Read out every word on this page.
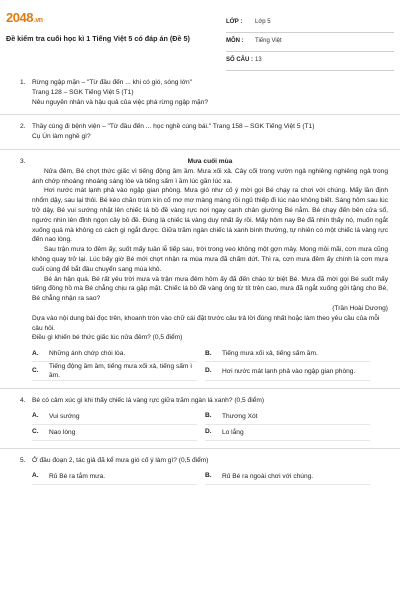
2048.vn
Đề kiểm tra cuối học kì 1 Tiếng Việt 5 có đáp án (Đề 5)
LỚP : Lớp 5
MÔN : Tiếng Việt
SỐ CÂU : 13
1. Rừng ngập mặn – "Từ đầu đến ... khi có gió, sóng lớn"

Trang 128 – SGK Tiếng Việt 5 (T1)

Nêu nguyên nhân và hậu quả của việc phá rừng ngập mặn?

2. Thầy cúng đi bệnh viện – "Từ đầu đến ... học nghề cúng bái." Trang 158 – SGK Tiếng Việt 5 (T1)

Cụ Ún làm nghề gì?

3.	Mưa cuối mùa

Nửa đêm, Bé chợt thức giấc vì tiếng động ầm ầm. Mưa xối xả. Cây cối trong vườn ngả nghiêng nghiêng ngả trong ánh chớp nhoáng nhoáng sáng lòe và tiếng sấm ì ầm lúc gần lúc xa.

Hơi nước mát lạnh phả vào ngập gian phòng. Mưa gió như cố ý mời gọi Bé chạy ra chơi với chúng. Mấy lần định nhổm dậy, sau lại thôi. Bé kéo chăn trùm kín cố mơ mơ màng màng rồi ngủ thiếp đi lúc nào không biết. Sáng hôm sau lúc trở dậy, Bé vui sướng nhặt lên chiếc lá bồ đề vàng rực nơi ngay cạnh chân giường Bé nằm. Bé chạy đến bên cửa sổ, ngước nhìn lên đỉnh ngọn cây bồ đề. Đúng là chiếc lá vàng duy nhất ấy rồi. Mấy hôm nay Bé đã nhìn thấy nó, muốn ngắt xuống quá mà không có cách gì ngắt được. Giữa trăm ngàn chiếc lá xanh bình thường, tự nhiên có một chiếc lá vàng rực đến nao lòng.

Sau trận mưa to đêm ấy, suốt mấy tuần lễ tiếp sau, trời trong veo không một gợn mây. Mong mỏi mãi, cơn mưa cũng không quay trở lại. Lúc bấy giờ Bé mới chợt nhận ra mùa mưa đã chấm dứt. Thì ra, cơn mưa đêm ấy chính là cơn mưa cuối cùng để bắt đầu chuyển sang mùa khô.

Bé ân hận quá. Bé rất yêu trời mưa và trận mưa đêm hôm ấy đã đến chào từ biệt Bé. Mưa đã mời gọi Bé suốt mấy tiếng đồng hồ mà Bé chẳng chịu ra gặp mặt. Chiếc lá bồ đề vàng óng từ tít trên cao, mưa đã ngắt xuống gửi tặng cho Bé, Bé chẳng nhận ra sao?

(Trần Hoài Dương)

Dựa vào nội dung bài đọc trên, khoanh tròn vào chữ cái đặt trước câu trả lời đúng nhất hoặc làm theo yêu cầu của mỗi câu hỏi.

Điều gì khiến bé thức giấc lúc nửa đêm? (0,5 điểm)

A. Những ánh chớp chói lòa.	B. Tiếng mưa xối xả, tiếng sấm ầm.
C.
Tiếng động ầm ầm, tiếng mưa xối xả, tiếng sấm ì ầm.
D. Hơi nước mát lạnh phả vào ngập gian phòng.
4. Bé có cảm xúc gì khi thấy chiếc lá vàng rực giữa trăm ngàn lá xanh? (0,5 điểm)

A. Vui sướng	B. Thương Xót
C. Nao lòng	D. Lo lắng
5. Ở đầu đoạn 2, tác giả đã kể mưa gió cố ý làm gì? (0,5 điểm)

A. Rủ Bé ra tắm mưa.	B. Rủ Bé ra ngoài chơi với chúng.
